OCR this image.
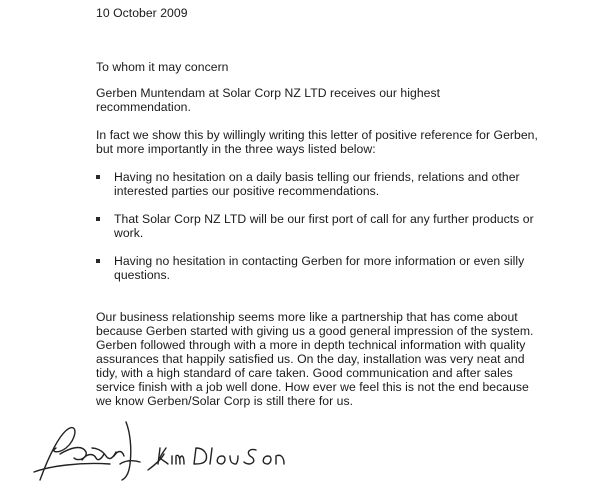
10 October 2009
To whom it may concern
Gerben Muntendam at Solar Corp NZ LTD receives our highest
recommendation.
In fact we show this by willingly writing this letter of positive reference for Gerben,
but more importantly in the three ways listed below:
Having no hesitation on a daily basis telling our friends, relations and other
interested parties our positive recommendations.
That Solar Corp NZ LTD will be our first port of call for any further products or
work.
Having no hesitation in contacting Gerben for more information or even silly
questions.
Our business relationship seems more like a partnership that has come about
because Gerben started with giving us a good general impression of the system.
Gerben followed through with a more in depth technical information with quality
assurances that happily satisfied us. On the day, installation was very neat and
tidy, with a high standard of care taken. Good communication and after sales
service finish with a job well done. How ever we feel this is not the end because
we know Gerben/Solar Corp is still there for us.
